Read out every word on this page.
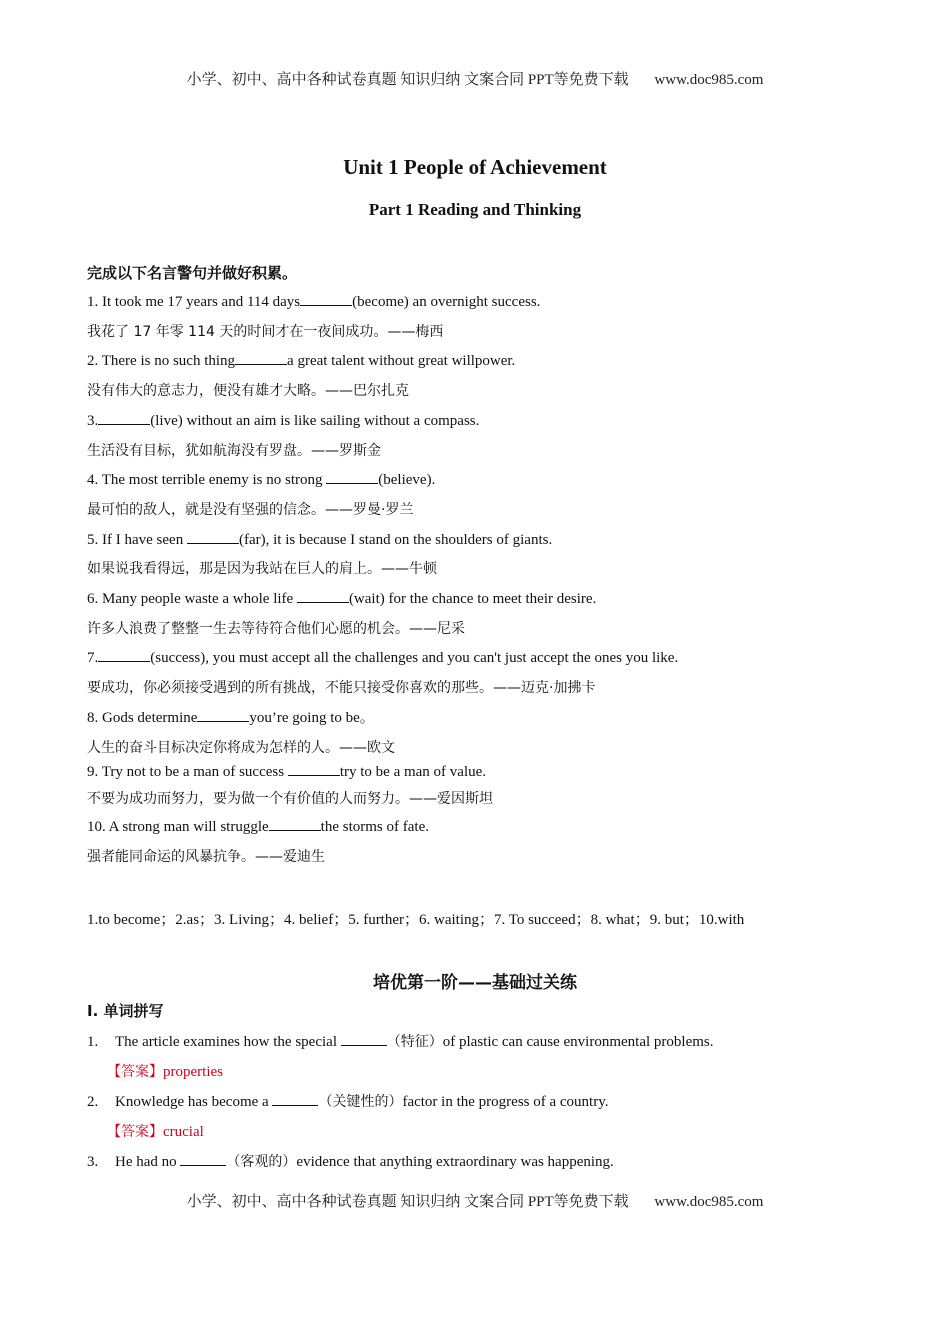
小学、初中、高中各种试卷真题 知识归纳 文案合同 PPT等免费下载 www.doc985.com
Unit 1 People of Achievement
Part 1 Reading and Thinking
完成以下名言警句并做好积累。
1. It took me 17 years and 114 days	(become) an overnight success.
我花了 17 年零 114 天的时间才在一夜间成功。——梅西
2. There is no such thing	a great talent without great willpower.
没有伟大的意志力，便没有雄才大略。——巴尔扎克
3.	(live) without an aim is like sailing without a compass.
生活没有目标，犹如航海没有罗盘。——罗斯金
4. The most terrible enemy is no strong	(believe).
最可怕的敌人，就是没有坚强的信念。——罗曼·罗兰
5. If I have seen	(far), it is because I stand on the shoulders of giants.
如果说我看得远，那是因为我站在巨人的肩上。——牛顿
6. Many people waste a whole life	(wait) for the chance to meet their desire.
许多人浪费了整整一生去等待符合他们心愿的机会。——尼采
7.	(success), you must accept all the challenges and you can't just accept the ones you like.
要成功，你必须接受遇到的所有挑战，不能只接受你喜欢的那些。——迈克·加拂卡
8. Gods determine	you’re going to be。
人生的奋斗目标决定你将成为怎样的人。——欧文
9. Try not to be a man of success	try to be a man of value.
不要为成功而努力，要为做一个有价值的人而努力。——爱因斯坦
10. A strong man will struggle	the storms of fate.
强者能同命运的风暴抗争。——爱迪生
1.to become；2.as；3. Living；4. belief；5. further；6. waiting；7. To succeed；8. what；9. but；10.with
培优第一阶——基础过关练
I. 单词拼写
1. The article examines how the special	（特征）of plastic can cause environmental problems.
【答案】properties
2. Knowledge has become a	（关键性的）factor in the progress of a country.
【答案】crucial
3. He had no	（客观的）evidence that anything extraordinary was happening.
小学、初中、高中各种试卷真题 知识归纳 文案合同 PPT等免费下载 www.doc985.com
